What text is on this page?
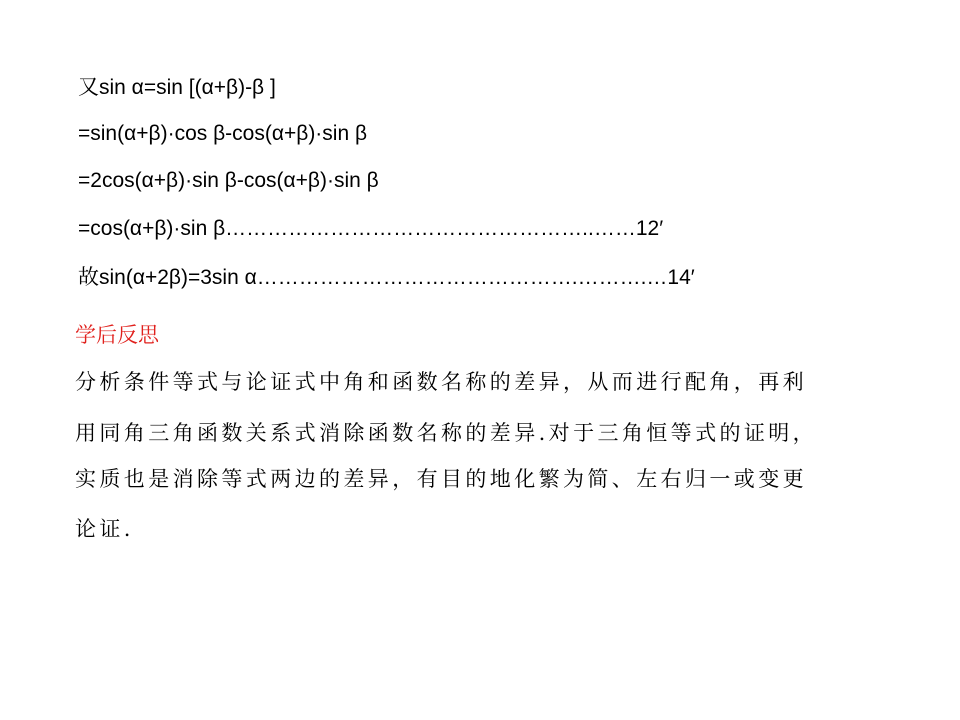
又sin α=sin [(α+β)-β ]
=sin(α+β)·cos β-cos(α+β)·sin β
=2cos(α+β)·sin β-cos(α+β)·sin β
=cos(α+β)·sin β……………………………………………..……12′
故sin(α+2β)=3sin α……………………………………….……….…14′
学后反思
分析条件等式与论证式中角和函数名称的差异，从而进行配角，再利
用同角三角函数关系式消除函数名称的差异.对于三角恒等式的证明，
实质也是消除等式两边的差异，有目的地化繁为简、左右归一或变更
论证.
